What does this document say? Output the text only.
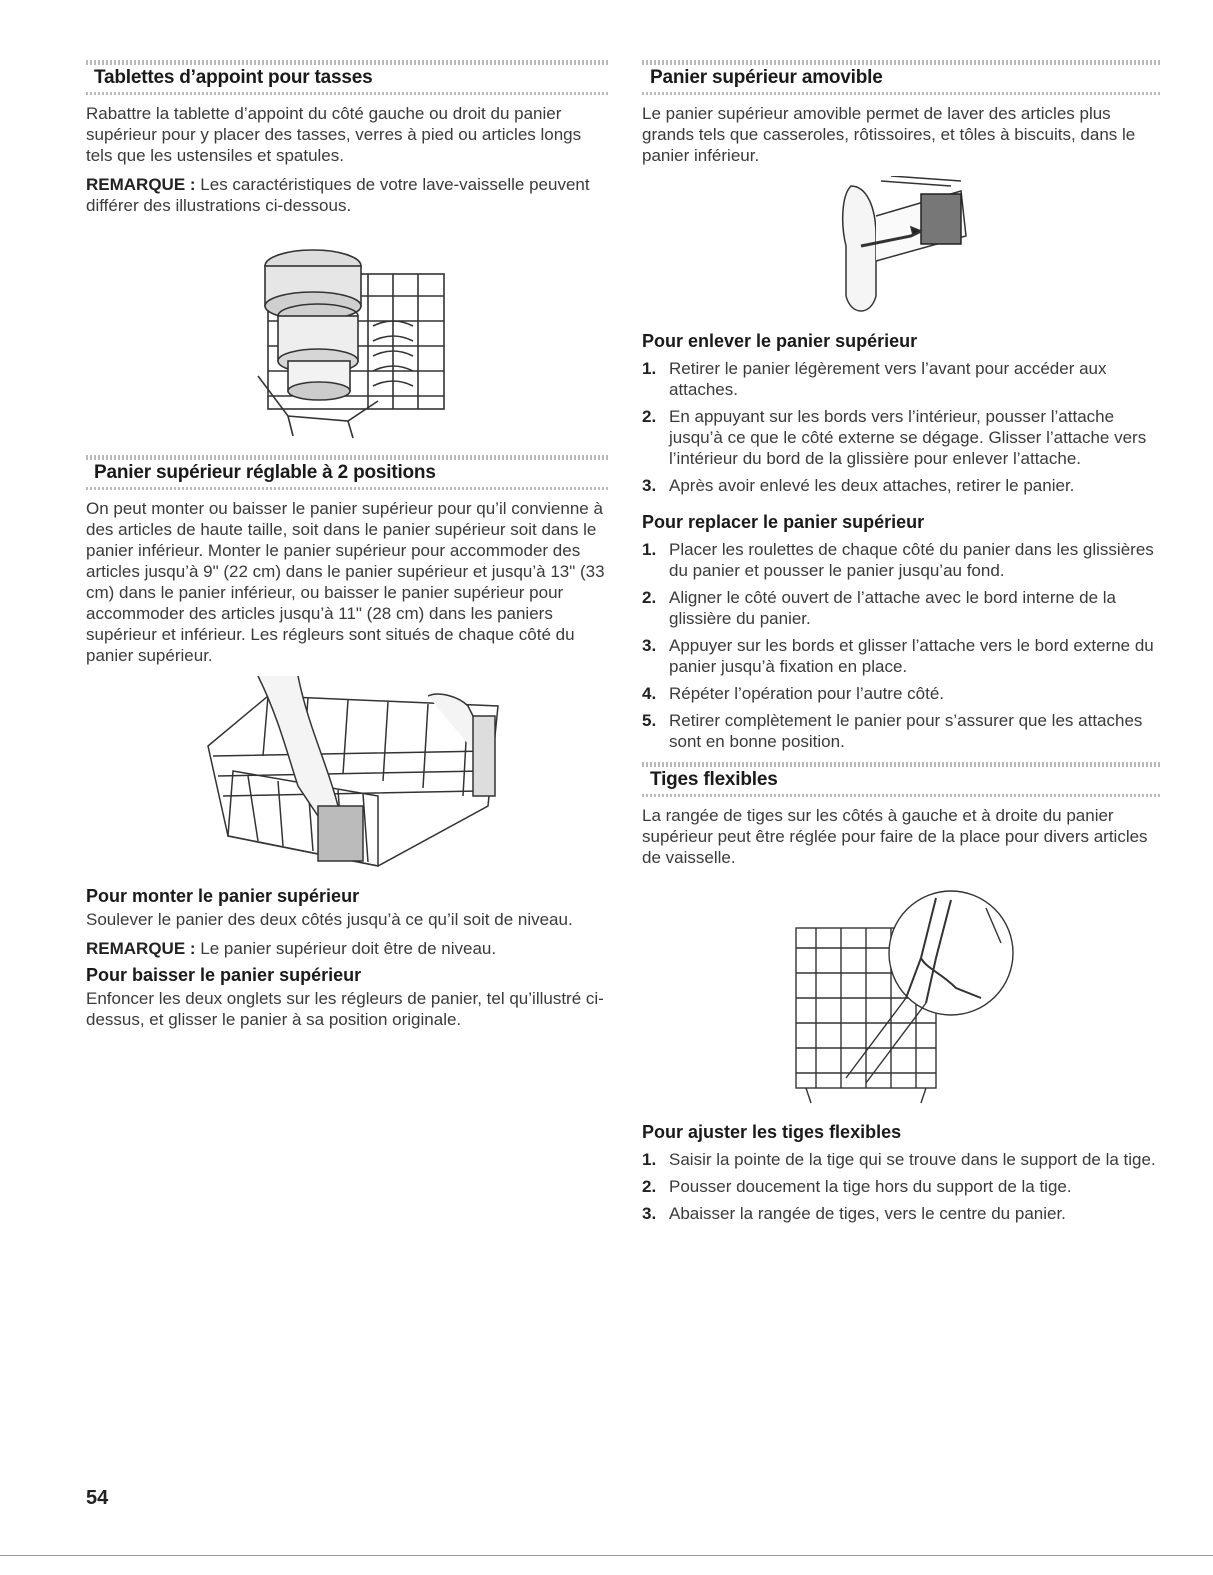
Tablettes d’appoint pour tasses

Rabattre la tablette d’appoint du côté gauche ou droit du panier supérieur pour y placer des tasses, verres à pied ou articles longs tels que les ustensiles et spatules.

REMARQUE : Les caractéristiques de votre lave-vaisselle peuvent différer des illustrations ci-dessous.

Panier supérieur réglable à 2 positions

On peut monter ou baisser le panier supérieur pour qu’il convienne à des articles de haute taille, soit dans le panier supérieur soit dans le panier inférieur. Monter le panier supérieur pour accommoder des articles jusqu’à 9" (22 cm) dans le panier supérieur et jusqu’à 13" (33 cm) dans le panier inférieur, ou baisser le panier supérieur pour accommoder des articles jusqu’à 11" (28 cm) dans les paniers supérieur et inférieur. Les régleurs sont situés de chaque côté du panier supérieur.

Pour monter le panier supérieur

Soulever le panier des deux côtés jusqu’à ce qu’il soit de niveau.

REMARQUE : Le panier supérieur doit être de niveau.

Pour baisser le panier supérieur

Enfoncer les deux onglets sur les régleurs de panier, tel qu’illustré ci-dessus, et glisser le panier à sa position originale.

Panier supérieur amovible

Le panier supérieur amovible permet de laver des articles plus grands tels que casseroles, rôtissoires, et tôles à biscuits, dans le panier inférieur.

Pour enlever le panier supérieur
1. Retirer le panier légèrement vers l’avant pour accéder aux attaches.
2. En appuyant sur les bords vers l’intérieur, pousser l’attache jusqu’à ce que le côté externe se dégage. Glisser l’attache vers l’intérieur du bord de la glissière pour enlever l’attache.
3. Après avoir enlevé les deux attaches, retirer le panier.
Pour replacer le panier supérieur
1. Placer les roulettes de chaque côté du panier dans les glissières du panier et pousser le panier jusqu’au fond.
2. Aligner le côté ouvert de l’attache avec le bord interne de la glissière du panier.
3. Appuyer sur les bords et glisser l’attache vers le bord externe du panier jusqu’à fixation en place.
4. Répéter l’opération pour l’autre côté.
5. Retirer complètement le panier pour s’assurer que les attaches sont en bonne position.
Tiges flexibles

La rangée de tiges sur les côtés à gauche et à droite du panier supérieur peut être réglée pour faire de la place pour divers articles de vaisselle.

Pour ajuster les tiges flexibles
1. Saisir la pointe de la tige qui se trouve dans le support de la tige.
2. Pousser doucement la tige hors du support de la tige.
3. Abaisser la rangée de tiges, vers le centre du panier.
54
